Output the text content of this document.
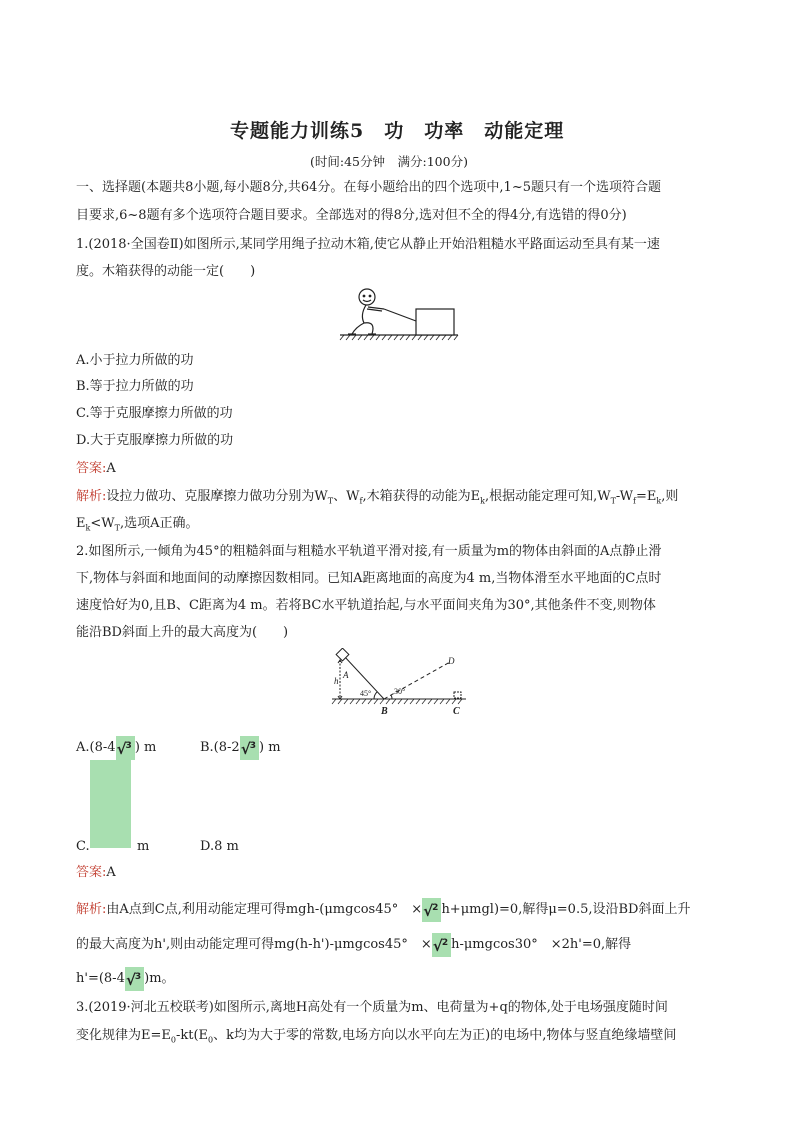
专题能力训练5　功　功率　动能定理
(时间:45分钟　满分:100分)
一、选择题(本题共8小题,每小题8分,共64分。在每小题给出的四个选项中,1~5题只有一个选项符合题
目要求,6~8题有多个选项符合题目要求。全部选对的得8分,选对但不全的得4分,有选错的得0分)
1.(2018·全国卷Ⅱ)如图所示,某同学用绳子拉动木箱,使它从静止开始沿粗糙水平路面运动至具有某一速
度。木箱获得的动能一定(　　)
A.小于拉力所做的功
B.等于拉力所做的功
C.等于克服摩擦力所做的功
D.大于克服摩擦力所做的功
答案:A
解析:设拉力做功、克服摩擦力做功分别为$W_T$、$W_f$,木箱获得的动能为$E_k$,根据动能定理可知$,W_T-W_f=E_k$,则
$E_k<W_T$,选项A正确。
2.如图所示,一倾角为45°的粗糙斜面与粗糙水平轨道平滑对接,有一质量为m的物体由斜面的A点静止滑
下,物体与斜面和地面间的动摩擦因数相同。已知A距离地面的高度为4 m,当物体滑至水平地面的C点时
速度恰好为0,且B、C距离为4 m。若将BC水平轨道抬起,与水平面间夹角为30°,其他条件不变,则物体
能沿BD斜面上升的最大高度为(　　)
A
h
45°	30°
B	C
D
A.(8-4√$^3$ ) m	B.(8-2√$^3$ ) m
C.	m	D.8 m
答案:A
解析:由A点到C点,利用动能定理可得mgh-(μmgcos45°　×√$^2$ h+μmgl)=0,解得μ=0.5,设沿BD斜面上升
的最大高度为h',则由动能定理可得mg(h-h')-μmgcos45°　×√$^2$ h-μmgcos30°　×2h'=0,解得
h'=(8-4√$^3$ )m。
3.(2019·河北五校联考)如图所示,离地H高处有一个质量为m、电荷量为+q的物体,处于电场强度随时间
变化规律为$E=E_0-kt(E_0$、k均为大于零的常数,电场方向以水平向左为正)的电场中,物体与竖直绝缘墙壁间
